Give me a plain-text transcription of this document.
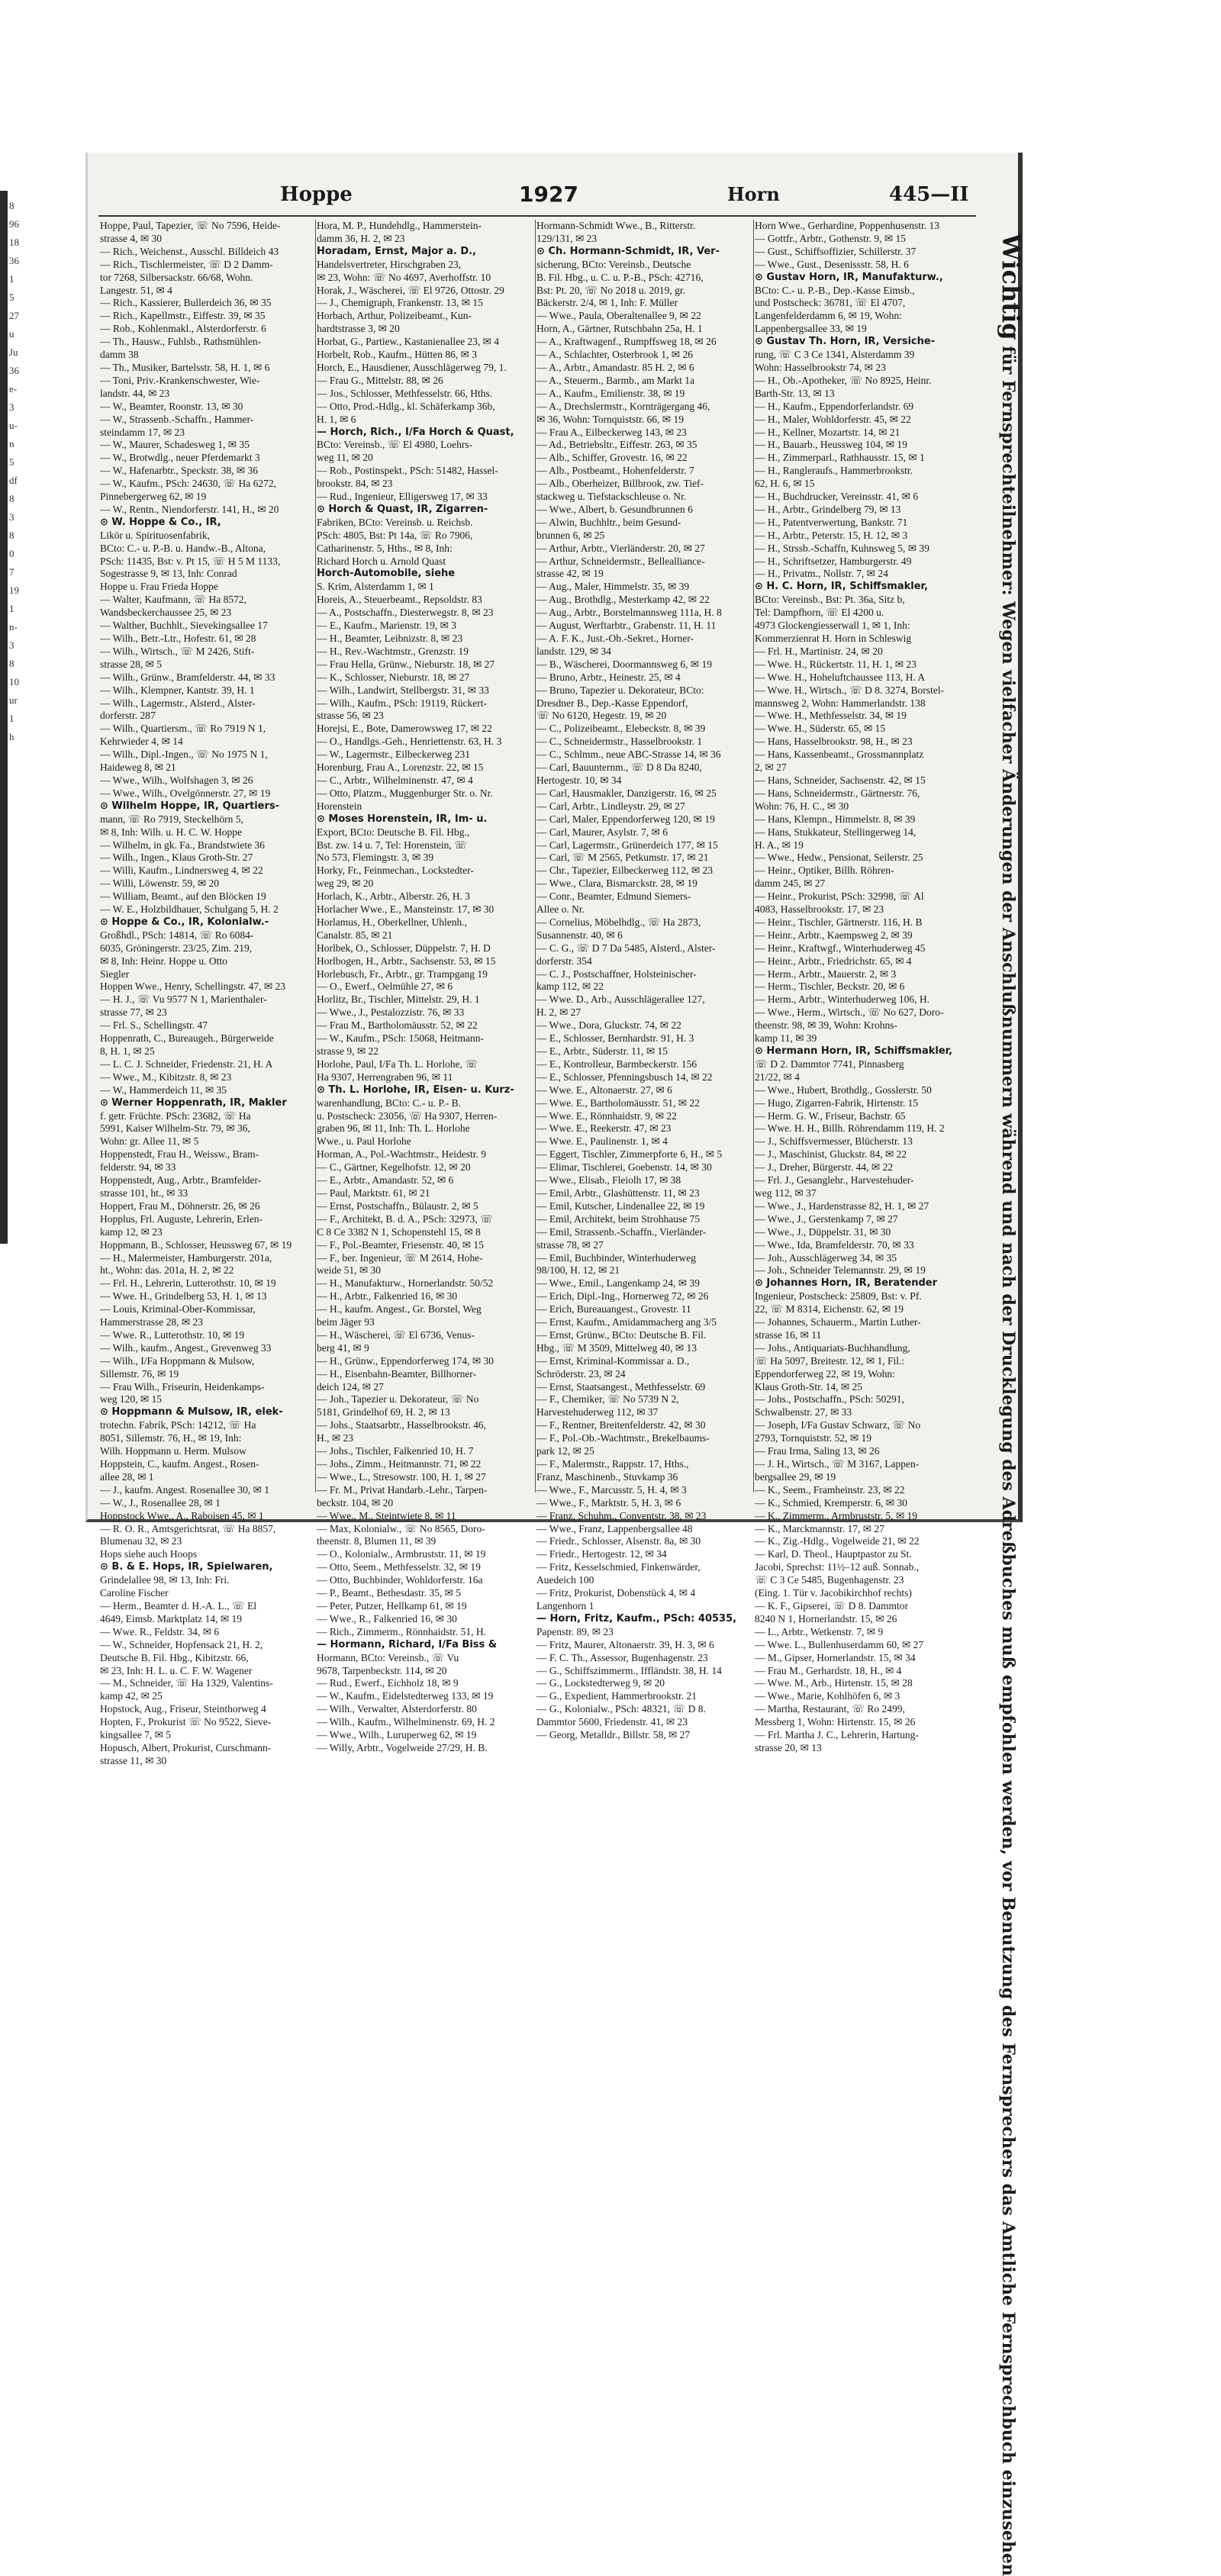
8
96
18
36
1
5
27
u
Ju
36
e-
3
u-
n
5
df
8
3
8
0
7
19
1
n-
3
8
10
ur
1
h
Hoppe	1927	Horn	445—II
Hoppe, Paul, Tapezier, ☏ No 7596, Heide-
strasse 4, ✉ 30
— Rich., Weichenst., Ausschl. Billdeich 43
— Rich., Tischlermeister, ☏ D 2 Damm-
tor 7268, Silbersackstr. 66/68, Wohn.
Langestr. 51, ✉ 4
— Rich., Kassierer, Bullerdeich 36, ✉ 35
— Rich., Kapellmstr., Eiffestr. 39, ✉ 35
— Rob., Kohlenmakl., Alsterdorferstr. 6
— Th., Hausw., Fuhlsb., Rathsmühlen-
damm 38
— Th., Musiker, Bartelsstr. 58, H. 1, ✉ 6
— Toni, Priv.-Krankenschwester, Wie-
landstr. 44, ✉ 23
— W., Beamter, Roonstr. 13, ✉ 30
— W., Strassenb.-Schaffn., Hammer-
steindamm 17, ✉ 23
— W., Maurer, Schadesweg 1, ✉ 35
— W., Brotwdlg., neuer Pferdemarkt 3
— W., Hafenarbtr., Speckstr. 38, ✉ 36
— W., Kaufm., PSch: 24630, ☏ Ha 6272,
Pinnebergerweg 62, ✉ 19
— W., Rentn., Niendorferstr. 141, H., ✉ 20
⊙ W. Hoppe & Co., IR,
Likör u. Spirituosenfabrik,
BCto: C.- u. P.-B. u. Handw.-B., Altona,
PSch: 11435, Bst: v. Pt 15, ☏ H 5 M 1133,
Sogestrasse 9, ✉ 13, Inh: Conrad
Hoppe u. Frau Frieda Hoppe
— Walter, Kaufmann, ☏ Ha 8572,
Wandsbeckerchaussee 25, ✉ 23
— Walther, Buchhlt., Sievekingsallee 17
— Wilh., Betr.-Ltr., Hofestr. 61, ✉ 28
— Wilh., Wirtsch., ☏ M 2426, Stift-
strasse 28, ✉ 5
— Wilh., Grünw., Bramfelderstr. 44, ✉ 33
— Wilh., Klempner, Kantstr. 39, H. 1
— Wilh., Lagermstr., Alsterd., Alster-
dorferstr. 287
— Wilh., Quartiersm., ☏ Ro 7919 N 1,
Kehrwieder 4, ✉ 14
— Wilh., Dipl.-Ingen., ☏ No 1975 N 1,
Haideweg 8, ✉ 21
— Wwe., Wilh., Wolfshagen 3, ✉ 26
— Wwe., Wilh., Ovelgönnerstr. 27, ✉ 19
⊙ Wilhelm Hoppe, IR, Quartiers-
mann, ☏ Ro 7919, Steckelhörn 5,
✉ 8, Inh: Wilh. u. H. C. W. Hoppe
— Wilhelm, in gk. Fa., Brandstwiete 36
— Wilh., Ingen., Klaus Groth-Str. 27
— Willi, Kaufm., Lindnersweg 4, ✉ 22
— Willi, Löwenstr. 59, ✉ 20
— William, Beamt., auf den Blöcken 19
— W. E., Holzbildhauer, Schulgang 5, H. 2
⊙ Hoppe & Co., IR, Kolonialw.-
Großhdl., PSch: 14814, ☏ Ro 6084-
6035, Gröningerstr. 23/25, Zim. 219,
✉ 8, Inh: Heinr. Hoppe u. Otto
Siegler
Hoppen Wwe., Henry, Schellingstr. 47, ✉ 23
— H. J., ☏ Vu 9577 N 1, Marienthaler-
strasse 77, ✉ 23
— Frl. S., Schellingstr. 47
Hoppenrath, C., Bureaugeh., Bürgerweide
8, H. 1, ✉ 25
— L. C. J. Schneider, Friedenstr. 21, H. A
— Wwe., M., Kibitzstr. 8, ✉ 23
— W., Hammerdeich 11, ✉ 35
⊙ Werner Hoppenrath, IR, Makler
f. getr. Früchte. PSch: 23682, ☏ Ha
5991, Kaiser Wilhelm-Str. 79, ✉ 36,
Wohn: gr. Allee 11, ✉ 5
Hoppenstedt, Frau H., Weissw., Bram-
felderstr. 94, ✉ 33
Hoppenstedt, Aug., Arbtr., Bramfelder-
strasse 101, ht., ✉ 33
Hoppert, Frau M., Döhnerstr. 26, ✉ 26
Hopplus, Frl. Auguste, Lehrerin, Erlen-
kamp 12, ✉ 23
Hoppmann, B., Schlosser, Heussweg 67, ✉ 19
— H., Malermeister, Hamburgerstr. 201a,
ht., Wohn: das. 201a, H. 2, ✉ 22
— Frl. H., Lehrerin, Lutterothstr. 10, ✉ 19
— Wwe. H., Grindelberg 53, H. 1, ✉ 13
— Louis, Kriminal-Ober-Kommissar,
Hammerstrasse 28, ✉ 23
— Wwe. R., Lutterothstr. 10, ✉ 19
— Wilh., kaufm., Angest., Grevenweg 33
— Wilh., I/Fa Hoppmann & Mulsow,
Sillemstr. 76, ✉ 19
— Frau Wilh., Friseurin, Heidenkamps-
weg 120, ✉ 15
⊙ Hoppmann & Mulsow, IR, elek-
trotechn. Fabrik, PSch: 14212, ☏ Ha
8051, Sillemstr. 76, H., ✉ 19, Inh:
Wilh. Hoppmann u. Herm. Mulsow
Hoppstein, C., kaufm. Angest., Rosen-
allee 28, ✉ 1
— J., kaufm. Angest. Rosenallee 30, ✉ 1
— W., J., Rosenallee 28, ✉ 1
Hoppstock Wwe., A., Raboisen 45, ✉ 1
— R. O. R., Amtsgerichtsrat, ☏ Ha 8857,
Blumenau 32, ✉ 23
Hops siehe auch Hoops
⊙ B. & E. Hops, IR, Spielwaren,
Grindelallee 98, ✉ 13, Inh: Fri.
Caroline Fischer
— Herm., Beamter d. H.-A. L., ☏ El
4649, Eimsb. Marktplatz 14, ✉ 19
— Wwe. R., Feldstr. 34, ✉ 6
— W., Schneider, Hopfensack 21, H. 2,
Deutsche B. Fil. Hbg., Kibitzstr. 66,
✉ 23, Inh: H. L. u. C. F. W. Wagener
— M., Schneider, ☏ Ha 1329, Valentins-
kamp 42, ✉ 25
Hopstock, Aug., Friseur, Steinthorweg 4
Hopten, F., Prokurist ☏ No 9522, Sieve-
kingsallee 7, ✉ 5
Hopusch, Albert, Prokurist, Curschmann-
strasse 11, ✉ 30
Hora, M. P., Hundehdlg., Hammerstein-
damm 36, H. 2, ✉ 23
Horadam, Ernst, Major a. D.,
Handelsvertreter, Hirschgraben 23,
✉ 23, Wohn: ☏ No 4697, Averhoffstr. 10
Horak, J., Wäscherei, ☏ El 9726, Ottostr. 29
— J., Chemigraph, Frankenstr. 13, ✉ 15
Horbach, Arthur, Polizeibeamt., Kun-
hardtstrasse 3, ✉ 20
Horbat, G., Partiew., Kastanienallee 23, ✉ 4
Horbelt, Rob., Kaufm., Hütten 86, ✉ 3
Horch, E., Hausdiener, Ausschlägerweg 79, 1.
— Frau G., Mittelstr. 88, ✉ 26
— Jos., Schlosser, Methfesselstr. 66, Hths.
— Otto, Prod.-Hdlg., kl. Schäferkamp 36b,
H. 1, ✉ 6
— Horch, Rich., I/Fa Horch & Quast,
BCto: Vereinsb., ☏ El 4980, Loehrs-
weg 11, ✉ 20
— Rob., Postinspekt., PSch: 51482, Hassel-
brookstr. 84, ✉ 23
— Rud., Ingenieur, Elligersweg 17, ✉ 33
⊙ Horch & Quast, IR, Zigarren-
Fabriken, BCto: Vereinsb. u. Reichsb.
PSch: 4805, Bst: Pt 14a, ☏ Ro 7906,
Catharinenstr. 5, Hths., ✉ 8, Inh:
Richard Horch u. Arnold Quast
Horch-Automobile, siehe
S. Krim, Alsterdamm 1, ✉ 1
Horeis, A., Steuerbeamt., Repsoldstr. 83
— A., Postschaffn., Diesterwegstr. 8, ✉ 23
— E., Kaufm., Marienstr. 19, ✉ 3
— H., Beamter, Leibnizstr. 8, ✉ 23
— H., Rev.-Wachtmstr., Grenzstr. 19
— Frau Hella, Grünw., Nieburstr. 18, ✉ 27
— K., Schlosser, Nieburstr. 18, ✉ 27
— Wilh., Landwirt, Stellbergstr. 31, ✉ 33
— Wilh., Kaufm., PSch: 19119, Rückert-
strasse 56, ✉ 23
Horejsi, E., Bote, Damerowsweg 17, ✉ 22
— O., Handlgs.-Geh., Henriettenstr. 63, H. 3
— W., Lagermstr., Eilbeckerweg 231
Horenburg, Frau A., Lorenzstr. 22, ✉ 15
— C., Arbtr., Wilhelminenstr. 47, ✉ 4
— Otto, Platzm., Muggenburger Str. o. Nr.
Horenstein
⊙ Moses Horenstein, IR, Im- u.
Export, BCto: Deutsche B. Fil. Hbg.,
Bst. zw. 14 u. 7, Tel: Horenstein, ☏
No 573, Flemingstr. 3, ✉ 39
Horky, Fr., Feinmechan., Lockstedter-
weg 29, ✉ 20
Horlach, K., Arbtr., Alberstr. 26, H. 3
Horlacher Wwe., E., Mansteinstr. 17, ✉ 30
Horlamus, H., Oberkellner, Uhlenh.,
Canalstr. 85, ✉ 21
Horlbek, O., Schlosser, Düppelstr. 7, H. D
Horlbogen, H., Arbtr., Sachsenstr. 53, ✉ 15
Horlebusch, Fr., Arbtr., gr. Trampgang 19
— O., Ewerf., Oelmühle 27, ✉ 6
Horlitz, Br., Tischler, Mittelstr. 29, H. 1
— Wwe., J., Pestalozzistr. 76, ✉ 33
— Frau M., Bartholomäusstr. 52, ✉ 22
— W., Kaufm., PSch: 15068, Heitmann-
strasse 9, ✉ 22
Horlohe, Paul, I/Fa Th. L. Horlohe, ☏
Ha 9307, Herrengraben 96, ✉ 11
⊙ Th. L. Horlohe, IR, Eisen- u. Kurz-
warenhandlung, BCto: C.- u. P.- B.
u. Postscheck: 23056, ☏ Ha 9307, Herren-
graben 96, ✉ 11, Inh: Th. L. Horlohe
Wwe., u. Paul Horlohe
Horman, A., Pol.-Wachtmstr., Heidestr. 9
— C., Gärtner, Kegelhofstr. 12, ✉ 20
— E., Arbtr., Amandastr. 52, ✉ 6
— Paul, Marktstr. 61, ✉ 21
— Ernst, Postschaffn., Bülaustr. 2, ✉ 5
— F., Architekt, B. d. A., PSch: 32973, ☏
C 8 Ce 3382 N 1, Schopenstehl 15, ✉ 8
— F., Pol.-Beamter, Friesenstr. 40, ✉ 15
— F., ber. Ingenieur, ☏ M 2614, Hohe-
weide 51, ✉ 30
— H., Manufakturw., Hornerlandstr. 50/52
— H., Arbtr., Falkenried 16, ✉ 30
— H., kaufm. Angest., Gr. Borstel, Weg
beim Jäger 93
— H., Wäscherei, ☏ El 6736, Venus-
berg 41, ✉ 9
— H., Grünw., Eppendorferweg 174, ✉ 30
— H., Eisenbahn-Beamter, Billhorner-
deich 124, ✉ 27
— Joh., Tapezier u. Dekorateur, ☏ No
5181, Grindelhof 69, H. 2, ✉ 13
— Johs., Staatsarbtr., Hasselbrookstr. 46,
H., ✉ 23
— Johs., Tischler, Falkenried 10, H. 7
— Johs., Zimm., Heitmannstr. 71, ✉ 22
— Wwe., L., Stresowstr. 100, H. 1, ✉ 27
— Fr. M., Privat Handarb.-Lehr., Tarpen-
beckstr. 104, ✉ 20
— Wwe., M., Steintwiete 8, ✉ 11
— Max, Kolonialw., ☏ No 8565, Doro-
theenstr. 8, Blumen 11, ✉ 39
— O., Kolonialw., Armbruststr. 11, ✉ 19
— Otto, Seem., Methfesselstr. 32, ✉ 19
— Otto, Buchbinder, Wohldorferstr. 16a
— P., Beamt., Bethesdastr. 35, ✉ 5
— Peter, Putzer, Hellkamp 61, ✉ 19
— Wwe., R., Falkenried 16, ✉ 30
— Rich., Zimmerm., Rönnhaidstr. 51, H.
— Hormann, Richard, I/Fa Biss &
Hormann, BCto: Vereinsb., ☏ Vu
9678, Tarpenbeckstr. 114, ✉ 20
— Rud., Ewerf., Eichholz 18, ✉ 9
— W., Kaufm., Eidelstedterweg 133, ✉ 19
— Wilh., Verwalter, Alsterdorferstr. 80
— Wilh., Kaufm., Wilhelminenstr. 69, H. 2
— Wwe., Wilh., Luruperweg 62, ✉ 19
— Willy, Arbtr., Vogelweide 27/29, H. B.
Hormann-Schmidt Wwe., B., Ritterstr.
129/131, ✉ 23
⊙ Ch. Hormann-Schmidt, IR, Ver-
sicherung, BCto: Vereinsb., Deutsche
B. Fil. Hbg., u. C. u. P.-B., PSch: 42716,
Bst: Pt. 20, ☏ No 2018 u. 2019, gr.
Bäckerstr. 2/4, ✉ 1, Inh: F. Müller
— Wwe., Paula, Oberaltenallee 9, ✉ 22
Horn, A., Gärtner, Rutschbahn 25a, H. 1
— A., Kraftwagenf., Rumpffsweg 18, ✉ 26
— A., Schlachter, Osterbrook 1, ✉ 26
— A., Arbtr., Amandastr. 85 H. 2, ✉ 6
— A., Steuerm., Barmb., am Markt 1a
— A., Kaufm., Emilienstr. 38, ✉ 19
— A., Drechslermstr., Kornträgergang 46,
✉ 36, Wohn: Tornquiststr. 66, ✉ 19
— Frau A., Eilbeckerweg 143, ✉ 23
— Ad., Betriebsltr., Eiffestr. 263, ✉ 35
— Alb., Schiffer, Grovestr. 16, ✉ 22
— Alb., Postbeamt., Hohenfelderstr. 7
— Alb., Oberheizer, Billbrook, zw. Tief-
stackweg u. Tiefstackschleuse o. Nr.
— Wwe., Albert, b. Gesundbrunnen 6
— Alwin, Buchhltr., beim Gesund-
brunnen 6, ✉ 25
— Arthur, Arbtr., Vierländerstr. 20, ✉ 27
— Arthur, Schneidermstr., Belleallianсe-
strasse 42, ✉ 19
— Aug., Maler, Himmelstr. 35, ✉ 39
— Aug., Brothdlg., Mesterkamp 42, ✉ 22
— Aug., Arbtr., Borstelmannsweg 111a, H. 8
— August, Werftarbtr., Grabenstr. 11, H. 11
— A. F. K., Just.-Ob.-Sekret., Horner-
landstr. 129, ✉ 34
— B., Wäscherei, Doormannsweg 6, ✉ 19
— Bruno, Arbtr., Heinestr. 25, ✉ 4
— Bruno, Tapezier u. Dekorateur, BCto:
Dresdner B., Dep.-Kasse Eppendorf,
☏ No 6120, Hegestr. 19, ✉ 20
— C., Polizeibeamt., Elebeckstr. 8, ✉ 39
— C., Schneidermstr., Hasselbrookstr. 1
— C., Schlmm., neue ABC-Strasse 14, ✉ 36
— Carl, Bauunternm., ☏ D 8 Da 8240,
Hertogestr. 10, ✉ 34
— Carl, Hausmakler, Danzigerstr. 16, ✉ 25
— Carl, Arbtr., Lindleystr. 29, ✉ 27
— Carl, Maler, Eppendorferweg 120, ✉ 19
— Carl, Maurer, Asylstr. 7, ✉ 6
— Carl, Lagermstr., Grünerdeich 177, ✉ 15
— Carl, ☏ M 2565, Petkumstr. 17, ✉ 21
— Chr., Tapezier, Eilbeckerweg 112, ✉ 23
— Wwe., Clara, Bismarckstr. 28, ✉ 19
— Conr., Beamter, Edmund Siemers-
Allee o. Nr.
— Cornelius, Möbelhdlg., ☏ Ha 2873,
Susannenstr. 40, ✉ 6
— C. G., ☏ D 7 Da 5485, Alsterd., Alster-
dorferstr. 354
— C. J., Postschaffner, Holsteinischer-
kamp 112, ✉ 22
— Wwe. D., Arb., Ausschlägerallee 127,
H. 2, ✉ 27
— Wwe., Dora, Gluckstr. 74, ✉ 22
— E., Schlosser, Bernhardstr. 91, H. 3
— E., Arbtr., Süderstr. 11, ✉ 15
— E., Kontrolleur, Barmbeckerstr. 156
— E., Schlosser, Pfenningsbusch 14, ✉ 22
— Wwe. E., Altonaerstr. 27, ✉ 6
— Wwe. E., Bartholomäusstr. 51, ✉ 22
— Wwe. E., Rönnhaidstr. 9, ✉ 22
— Wwe. E., Reekerstr. 47, ✉ 23
— Wwe. E., Paulinenstr. 1, ✉ 4
— Eggert, Tischler, Zimmerpforte 6, H., ✉ 5
— Elimar, Tischlerei, Goebenstr. 14, ✉ 30
— Wwe., Elisab., Fleiolh 17, ✉ 38
— Emil, Arbtr., Glashüttenstr. 11, ✉ 23
— Emil, Kutscher, Lindenallee 22, ✉ 19
— Emil, Architekt, beim Strohhause 75
— Emil, Strassenb.-Schaffn., Vierländer-
strasse 78, ✉ 27
— Emil, Buchbinder, Winterhuderweg
98/100, H. 12, ✉ 21
— Wwe., Emil., Langenkamp 24, ✉ 39
— Erich, Dipl.-Ing., Hornerweg 72, ✉ 26
— Erich, Bureauangest., Grovestr. 11
— Ernst, Kaufm., Amidammacherg ang 3/5
— Ernst, Grünw., BCto: Deutsche B. Fil.
Hbg., ☏ M 3509, Mittelweg 40, ✉ 13
— Ernst, Kriminal-Kommissar a. D.,
Schröderstr. 23, ✉ 24
— Ernst, Staatsangest., Methfesselstr. 69
— F., Chemiker, ☏ No 5739 N 2,
Harvestehuderweg 112, ✉ 37
— F., Rentner, Breitenfelderstr. 42, ✉ 30
— F., Pol.-Ob.-Wachtmstr., Brekelbaums-
park 12, ✉ 25
— F., Malermstr., Rappstr. 17, Hths.,
Franz, Maschinenb., Stuvkamp 36
— Wwe., F., Marcusstr. 5, H. 4, ✉ 3
— Wwe., F., Marktstr. 5, H. 3, ✉ 6
— Franz, Schuhm., Conventstr. 38, ✉ 23
— Wwe., Franz, Lappenbergsallee 48
— Friedr., Schlosser, Alsenstr. 8a, ✉ 30
— Friedr., Hertogestr. 12, ✉ 34
— Fritz, Kesselschmied, Finkenwärder,
Auedeich 100
— Fritz, Prokurist, Dobenstück 4, ✉ 4
Langenhorn 1
— Horn, Fritz, Kaufm., PSch: 40535,
Papenstr. 89, ✉ 23
— Fritz, Maurer, Altonaerstr. 39, H. 3, ✉ 6
— F. C. Th., Assessor, Bugenhagenstr. 23
— G., Schiffszimmerm., Iffländstr. 38, H. 14
— G., Lockstedterweg 9, ✉ 20
— G., Expedient, Hammerbrookstr. 21
— G., Kolonialw., PSch: 48321, ☏ D 8.
Dammtor 5600, Friedenstr. 41, ✉ 23
— Georg, Metalldr., Billstr. 58, ✉ 27
Horn Wwe., Gerhardine, Poppenhusenstr. 13
— Gottfr., Arbtr., Gothenstr. 9, ✉ 15
— Gust., Schiffsoffizier, Schillerstr. 37
— Wwe., Gust., Desenissstr. 58, H. 6
⊙ Gustav Horn, IR, Manufakturw.,
BCto: C.- u. P.-B., Dep.-Kasse Eimsb.,
und Postscheck: 36781, ☏ El 4707,
Langenfelderdamm 6, ✉ 19, Wohn:
Lappenbergsallee 33, ✉ 19
⊙ Gustav Th. Horn, IR, Versiche-
rung, ☏ C 3 Ce 1341, Alsterdamm 39
Wohn: Hasselbrookstr 74, ✉ 23
— H., Ob.-Apotheker, ☏ No 8925, Heinr.
Barth-Str. 13, ✉ 13
— H., Kaufm., Eppendorferlandstr. 69
— H., Maler, Wohldorferstr. 45, ✉ 22
— H., Kellner, Mozartstr. 14, ✉ 21
— H., Bauarb., Heussweg 104, ✉ 19
— H., Zimmerparl., Rathhausstr. 15, ✉ 1
— H., Rangleraufs., Hammerbrookstr.
62, H. 6, ✉ 15
— H., Buchdrucker, Vereinsstr. 41, ✉ 6
— H., Arbtr., Grindelberg 79, ✉ 13
— H., Patentverwertung, Bankstr. 71
— H., Arbtr., Peterstr. 15, H. 12, ✉ 3
— H., Strssb.-Schaffn, Kuhnsweg 5, ✉ 39
— H., Schriftsetzer, Hamburgerstr. 49
— H., Privatm., Nollstr. 7, ✉ 24
⊙ H. C. Horn, IR, Schiffsmakler,
BCto: Vereinsb., Bst: Pt. 36a, Sitz b,
Tel: Dampfhorn, ☏ El 4200 u.
4973 Glockengiesserwall 1, ✉ 1, Inh:
Kommerzienrat H. Horn in Schleswig
— Frl. H., Martinistr. 24, ✉ 20
— Wwe. H., Rückertstr. 11, H. 1, ✉ 23
— Wwe. H., Hoheluftchaussee 113, H. A
— Wwe. H., Wirtsch., ☏ D 8. 3274, Borstel-
mannsweg 2, Wohn: Hammerlandstr. 138
— Wwe. H., Methfesselstr. 34, ✉ 19
— Wwe. H., Süderstr. 65, ✉ 15
— Hans, Hasselbrookstr. 98, H., ✉ 23
— Hans, Kassenbeamt., Grossmannplatz
2, ✉ 27
— Hans, Schneider, Sachsenstr. 42, ✉ 15
— Hans, Schneidermstr., Gärtnerstr. 76,
Wohn: 76, H. C., ✉ 30
— Hans, Klempn., Himmelstr. 8, ✉ 39
— Hans, Stukkateur, Stellingerweg 14,
H. A., ✉ 19
— Wwe., Hedw., Pensionat, Seilerstr. 25
— Heinr., Optiker, Billh. Röhren-
damm 245, ✉ 27
— Heinr., Prokurist, PSch: 32998, ☏ Al
4083, Hasselbrookstr. 17, ✉ 23
— Heinr., Tischler, Gärtnerstr. 116, H. B
— Heinr., Arbtr., Kaempsweg 2, ✉ 39
— Heinr., Kraftwgf., Winterhuderweg 45
— Heinr., Arbtr., Friedrichstr. 65, ✉ 4
— Herm., Arbtr., Mauerstr. 2, ✉ 3
— Herm., Tischler, Beckstr. 20, ✉ 6
— Herm., Arbtr., Winterhuderweg 106, H.
— Wwe., Herm., Wirtsch., ☏ No 627, Doro-
theenstr. 98, ✉ 39, Wohn: Krohns-
kamp 11, ✉ 39
⊙ Hermann Horn, IR, Schiffsmakler,
☏ D 2. Dammtor 7741, Pinnasberg
21/22, ✉ 4
— Wwe., Hubert, Brothdlg., Gosslerstr. 50
— Hugo, Zigarren-Fabrik, Hirtenstr. 15
— Herm. G. W., Friseur, Bachstr. 65
— Wwe. H. H., Billh. Röhrendamm 119, H. 2
— J., Schiffsvermesser, Blücherstr. 13
— J., Maschinist, Gluckstr. 84, ✉ 22
— J., Dreher, Bürgerstr. 44, ✉ 22
— Frl. J., Gesanglehr., Harvestehuder-
weg 112, ✉ 37
— Wwe., J., Hardenstrasse 82, H. 1, ✉ 27
— Wwe., J., Gerstenkamp 7, ✉ 27
— Wwe., J., Düppelstr. 31, ✉ 30
— Wwe., Ida, Bramfelderstr. 70, ✉ 33
— Joh., Ausschlägerweg 34, ✉ 35
— Joh., Schneider Telemannstr. 29, ✉ 19
⊙ Johannes Horn, IR, Beratender
Ingenieur, Postscheck: 25809, Bst: v. Pf.
22, ☏ M 8314, Eichenstr. 62, ✉ 19
— Johannes, Schauerm., Martin Luther-
strasse 16, ✉ 11
— Johs., Antiquariats-Buchhandlung,
☏ Ha 5097, Breitestr. 12, ✉ 1, Fil.:
Eppendorferweg 22, ✉ 19, Wohn:
Klaus Groth-Str. 14, ✉ 25
— Johs., Postschaffn., PSch: 50291,
Schwalbenstr. 27, ✉ 33
— Joseph, I/Fa Gustav Schwarz, ☏ No
2793, Tornquiststr. 52, ✉ 19
— Frau Irma, Saling 13, ✉ 26
— J. H., Wirtsch., ☏ M 3167, Lappen-
bergsallee 29, ✉ 19
— K., Seem., Framheinstr. 23, ✉ 22
— K., Schmied, Kremperstr. 6, ✉ 30
— K., Zimmerm., Armbruststr. 5, ✉ 19
— K., Marckmannstr. 17, ✉ 27
— K., Zig.-Hdlg., Vogelweide 21, ✉ 22
— Karl, D. Theol., Hauptpastor zu St.
Jacobi, Sprechst: 11½–12 auß. Sonnab.,
☏ C 3 Ce 5485, Bugenhagenstr. 23
(Eing. 1. Tür v. Jacobikirchhof rechts)
— K. F., Gipserei, ☏ D 8. Dammtor
8240 N 1, Hornerlandstr. 15, ✉ 26
— L., Arbtr., Wetkenstr. 7, ✉ 9
— Wwe. L., Bullenhuserdamm 60, ✉ 27
— M., Gipser, Hornerlandstr. 15, ✉ 34
— Frau M., Gerhardstr. 18, H., ✉ 4
— Wwe. M., Arb., Hirtenstr. 15, ✉ 28
— Wwe., Marie, Kohlhöfen 6, ✉ 3
— Martha, Restaurant, ☏ Ro 2499,
Messberg 1, Wohn: Hirtenstr. 15, ✉ 26
— Frl. Martha J. C., Lehrerin, Hartung-
strasse 20, ✉ 13
Wichtig für Fernsprechteilnehmer: Wegen vielfacher Änderungen der Anschlußnummern während und nach der Drucklegung des Adreßbuches muß empfohlen werden, vor Benutzung des Fernsprechers das Amtliche Fernsprechbuch einzusehen
